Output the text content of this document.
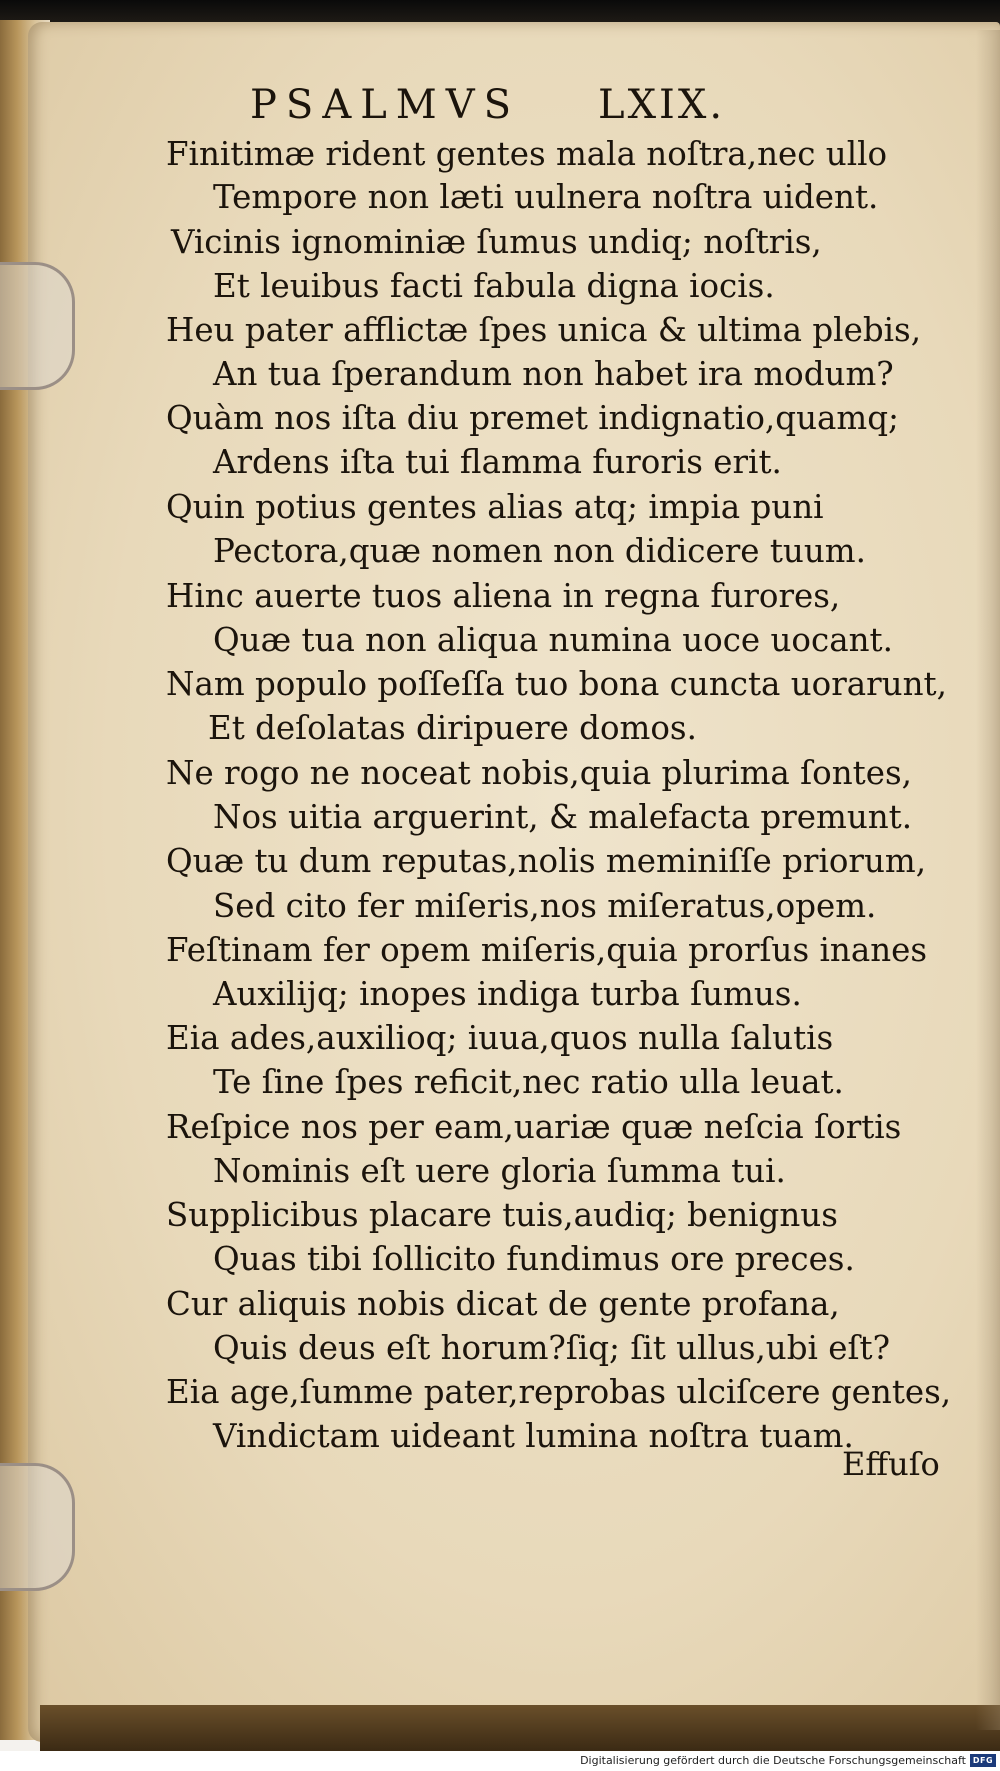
PSALMVS LXIX.

Finitimæ rident gentes mala noſtra,nec ullo

Tempore non læti uulnera noſtra uident.

Vicinis ignominiæ ſumus undiq; noſtris,

Et leuibus facti fabula digna iocis.

Heu pater afflictæ ſpes unica & ultima plebis,

An tua ſperandum non habet ira modum?

Quàm nos iſta diu premet indignatio,quamq;

Ardens iſta tui flamma furoris erit.

Quin potius gentes alias atq; impia puni

Pectora,quæ nomen non didicere tuum.

Hinc auerte tuos aliena in regna furores,

Quæ tua non aliqua numina uoce uocant.

Nam populo poſſeſſa tuo bona cuncta uorarunt,

Et deſolatas diripuere domos.

Ne rogo ne noceat nobis,quia plurima ſontes,

Nos uitia arguerint, & malefacta premunt.

Quæ tu dum reputas,nolis meminiſſe priorum,

Sed cito fer miſeris,nos miſeratus,opem.

Feſtinam fer opem miſeris,quia prorſus inanes

Auxilijq; inopes indiga turba ſumus.

Eia ades,auxilioq; iuua,quos nulla ſalutis

Te ſine ſpes reficit,nec ratio ulla leuat.

Reſpice nos per eam,uariæ quæ neſcia ſortis

Nominis eſt uere gloria ſumma tui.

Supplicibus placare tuis,audiq; benignus

Quas tibi ſollicito fundimus ore preces.

Cur aliquis nobis dicat de gente profana,

Quis deus eſt horum?ſiq; ſit ullus,ubi eſt?

Eia age,ſumme pater,reprobas ulciſcere gentes,

Vindictam uideant lumina noſtra tuam.

Effuſo
Digitalisierung gefördert durch die Deutsche Forschungsgemeinschaft DFG
